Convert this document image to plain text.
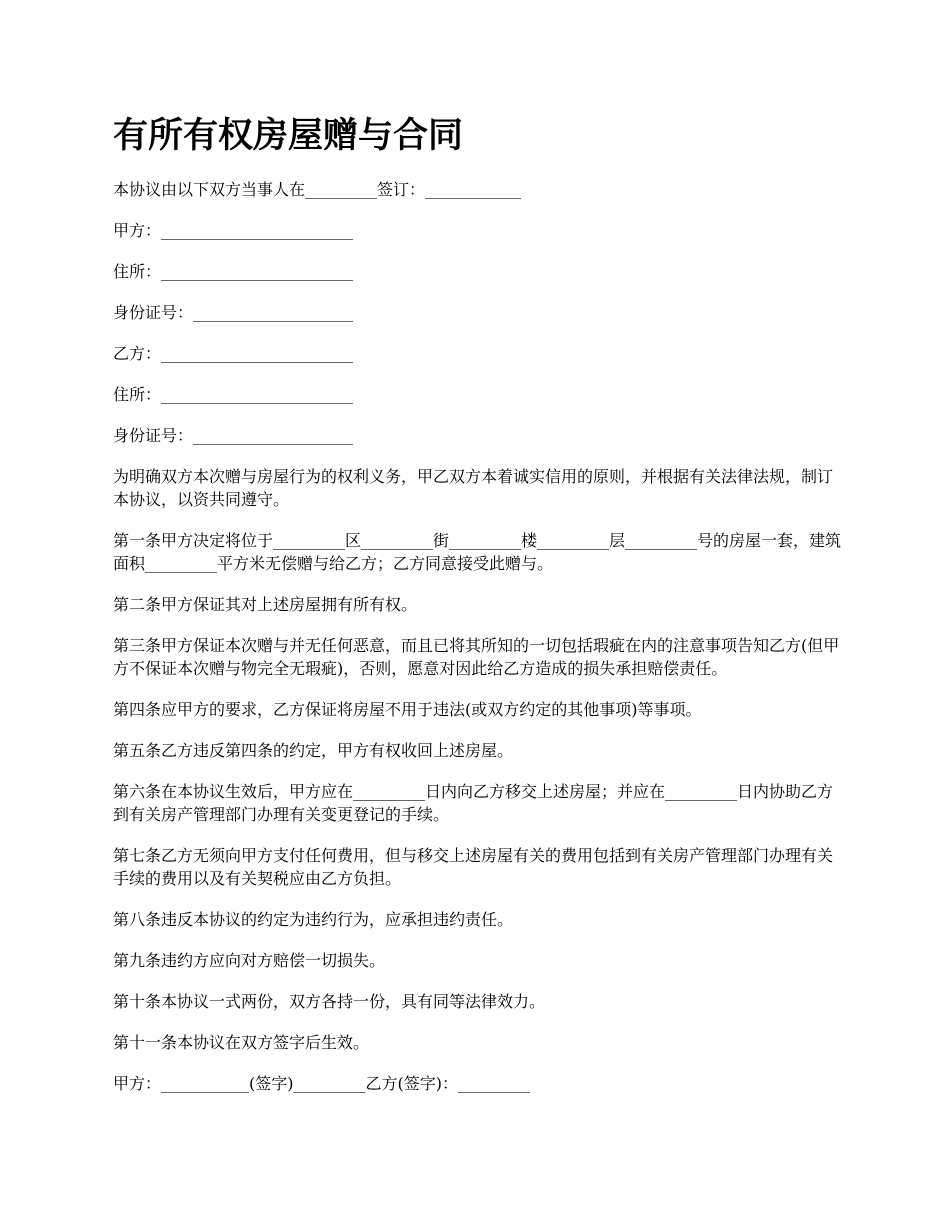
有所有权房屋赠与合同

本协议由以下双方当事人在_________签订：____________

甲方：________________________

住所：________________________

身份证号：____________________

乙方：________________________

住所：________________________

身份证号：____________________

为明确双方本次赠与房屋行为的权利义务，甲乙双方本着诚实信用的原则，并根据有关法律法规，制订本协议，以资共同遵守。

第一条甲方决定将位于_________区_________街_________楼_________层_________号的房屋一套，建筑面积_________平方米无偿赠与给乙方；乙方同意接受此赠与。

第二条甲方保证其对上述房屋拥有所有权。

第三条甲方保证本次赠与并无任何恶意，而且已将其所知的一切包括瑕疵在内的注意事项告知乙方(但甲方不保证本次赠与物完全无瑕疵)，否则，愿意对因此给乙方造成的损失承担赔偿责任。

第四条应甲方的要求，乙方保证将房屋不用于违法(或双方约定的其他事项)等事项。

第五条乙方违反第四条的约定，甲方有权收回上述房屋。

第六条在本协议生效后，甲方应在_________日内向乙方移交上述房屋；并应在_________日内协助乙方到有关房产管理部门办理有关变更登记的手续。

第七条乙方无须向甲方支付任何费用，但与移交上述房屋有关的费用包括到有关房产管理部门办理有关手续的费用以及有关契税应由乙方负担。

第八条违反本协议的约定为违约行为，应承担违约责任。

第九条违约方应向对方赔偿一切损失。

第十条本协议一式两份，双方各持一份，具有同等法律效力。

第十一条本协议在双方签字后生效。

甲方：___________(签字)_________乙方(签字)：_________
